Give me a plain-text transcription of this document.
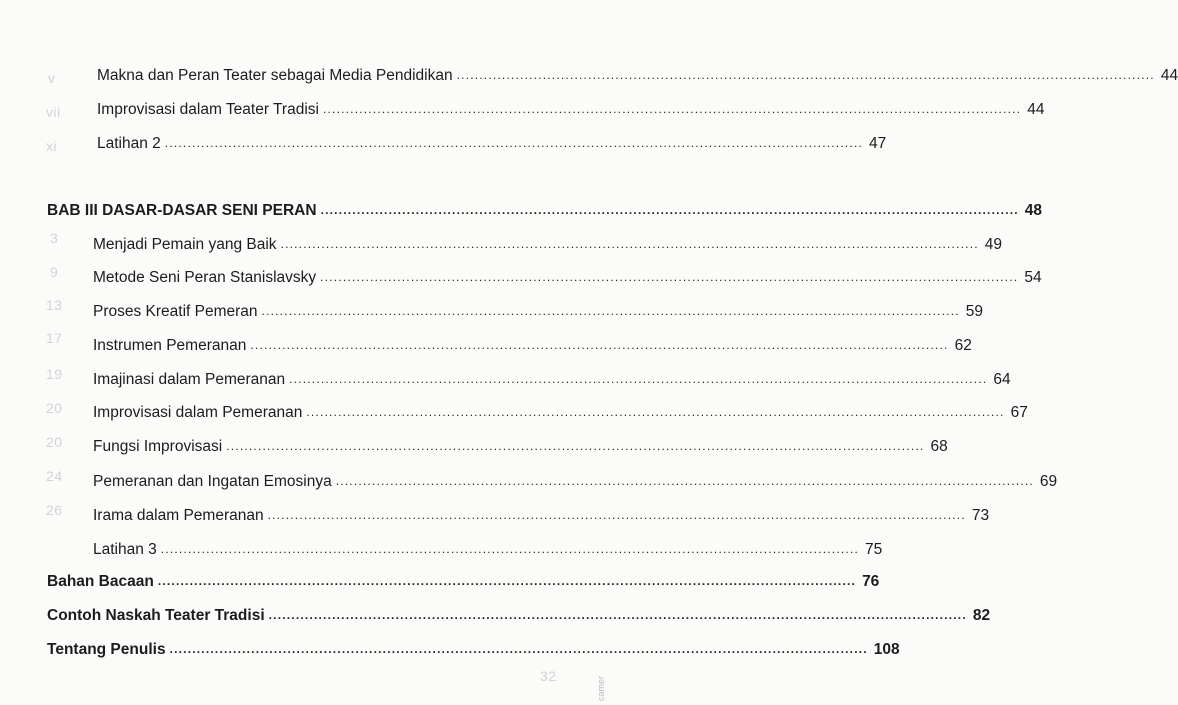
v
vii
xi
3
9
13
17
19
20
20
24
26
32
Makna dan Peran Teater sebagai Media Pendidikan .....	44
Improvisasi dalam Teater Tradisi .....	44
Latihan 2 .....	47
BAB III DASAR-DASAR SENI PERAN .....	48
Menjadi Pemain yang Baik .....	49
Metode Seni Peran Stanislavsky .....	54
Proses Kreatif Pemeran .....	59
Instrumen Pemeranan .....	62
Imajinasi dalam Pemeranan .....	64
Improvisasi dalam Pemeranan .....	67
Fungsi Improvisasi .....	68
Pemeranan dan Ingatan Emosinya .....	69
Irama dalam Pemeranan .....	73
Latihan 3 .....	75
Bahan Bacaan .....	76
Contoh Naskah Teater Tradisi .....	82
Tentang Penulis .....	108
camer
